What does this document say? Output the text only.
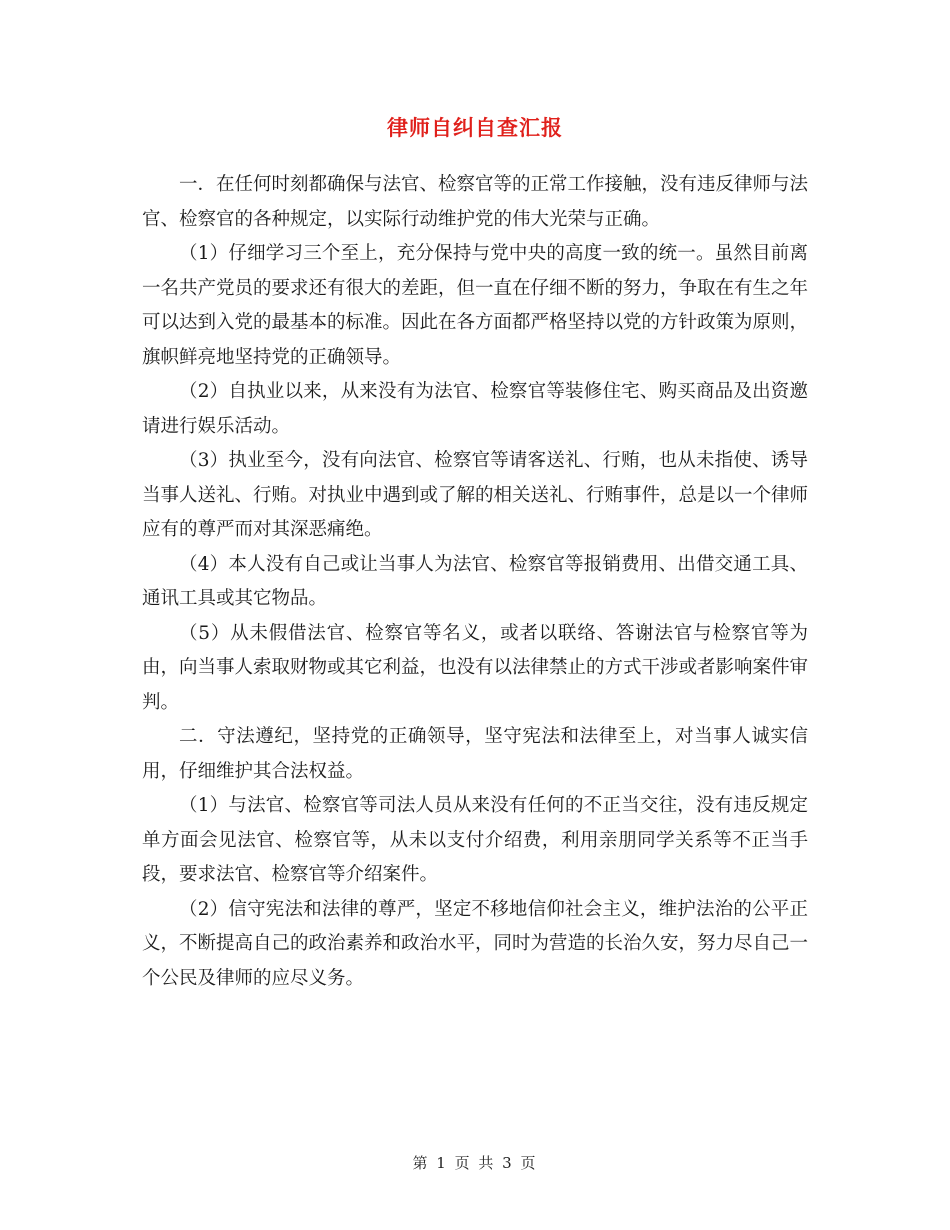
律师自纠自查汇报

一．在任何时刻都确保与法官、检察官等的正常工作接触，没有违反律师与法官、检察官的各种规定，以实际行动维护党的伟大光荣与正确。

（1）仔细学习三个至上，充分保持与党中央的高度一致的统一。虽然目前离一名共产党员的要求还有很大的差距，但一直在仔细不断的努力，争取在有生之年可以达到入党的最基本的标准。因此在各方面都严格坚持以党的方针政策为原则，旗帜鲜亮地坚持党的正确领导。

（2）自执业以来，从来没有为法官、检察官等装修住宅、购买商品及出资邀请进行娱乐活动。

（3）执业至今，没有向法官、检察官等请客送礼、行贿，也从未指使、诱导当事人送礼、行贿。对执业中遇到或了解的相关送礼、行贿事件，总是以一个律师应有的尊严而对其深恶痛绝。

（4）本人没有自己或让当事人为法官、检察官等报销费用、出借交通工具、通讯工具或其它物品。

（5）从未假借法官、检察官等名义，或者以联络、答谢法官与检察官等为由，向当事人索取财物或其它利益，也没有以法律禁止的方式干涉或者影响案件审判。

二．守法遵纪，坚持党的正确领导，坚守宪法和法律至上，对当事人诚实信用，仔细维护其合法权益。

（1）与法官、检察官等司法人员从来没有任何的不正当交往，没有违反规定单方面会见法官、检察官等，从未以支付介绍费，利用亲朋同学关系等不正当手段，要求法官、检察官等介绍案件。

（2）信守宪法和法律的尊严，坚定不移地信仰社会主义，维护法治的公平正义，不断提高自己的政治素养和政治水平，同时为营造的长治久安，努力尽自己一个公民及律师的应尽义务。

第 1 页 共 3 页
